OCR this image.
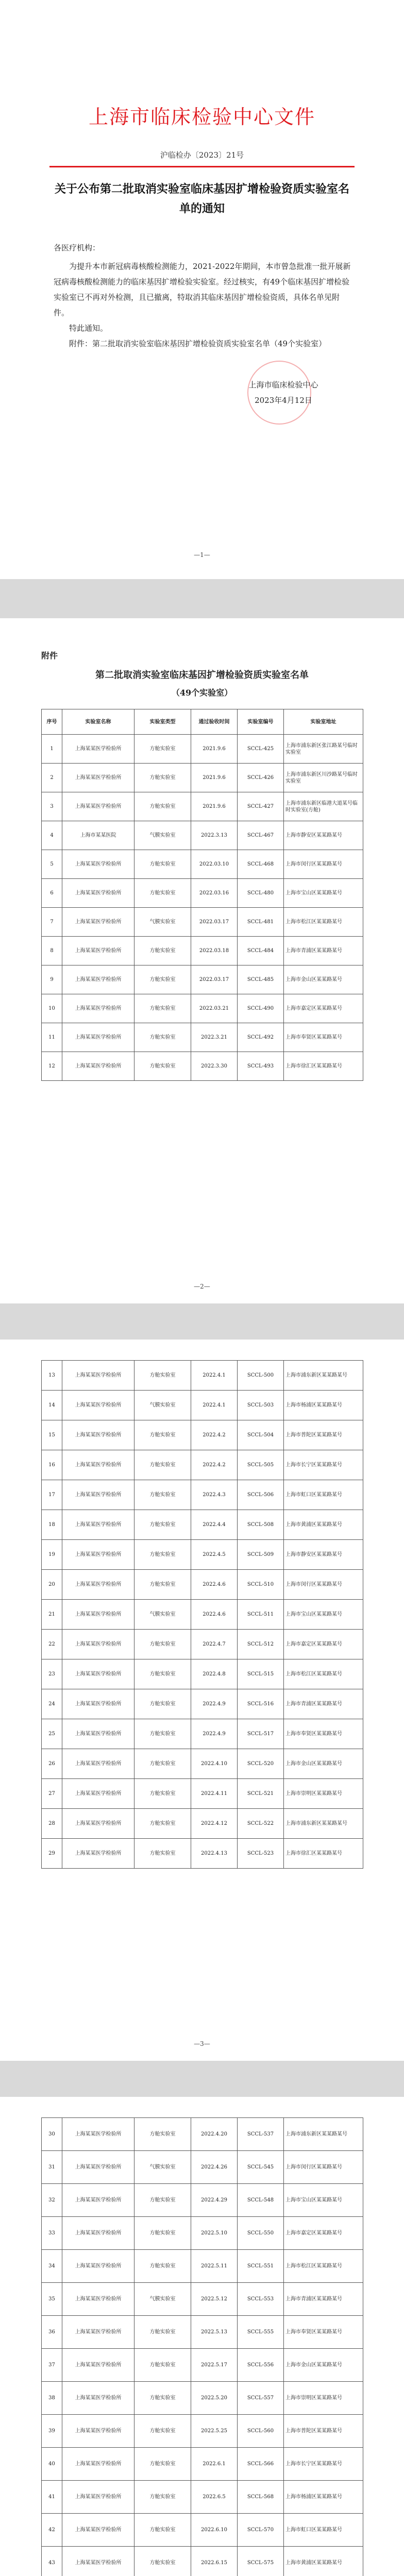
上海市临床检验中心文件
沪临检办〔2023〕21号
关于公布第二批取消实验室临床基因扩增检验资质实验室名单的通知
各医疗机构：

为提升本市新冠病毒核酸检测能力，2021-2022年期间，本市曾急批准一批开展新冠病毒核酸检测能力的临床基因扩增检验实验室。经过核实，有49个临床基因扩增检验实验室已不再对外检测，且已撤离，特取消其临床基因扩增检验资质，具体名单见附件。

特此通知。

附件：第二批取消实验室临床基因扩增检验资质实验室名单（49个实验室）

上海市临床检验中心
2023年4月12日
—1—
附件
第二批取消实验室临床基因扩增检验资质实验室名单
（49个实验室）
序号	实验室名称	实验室类型	通过验收时间	实验室编号	实验室地址
1	上海某某医学检验所	方舱实验室	2021.9.6	SCCL-425	上海市浦东新区张江路某号临时实验室
2	上海某某医学检验所	方舱实验室	2021.9.6	SCCL-426	上海市浦东新区川沙路某号临时实验室
3	上海某某医学检验所	方舱实验室	2021.9.6	SCCL-427	上海市浦东新区临港大道某号临时实验室(方舱)
4	上海市某某医院	气膜实验室	2022.3.13	SCCL-467	上海市静安区某某路某号
5	上海某某医学检验所	方舱实验室	2022.03.10	SCCL-468	上海市闵行区某某路某号
6	上海某某医学检验所	方舱实验室	2022.03.16	SCCL-480	上海市宝山区某某路某号
7	上海某某医学检验所	气膜实验室	2022.03.17	SCCL-481	上海市松江区某某路某号
8	上海某某医学检验所	方舱实验室	2022.03.18	SCCL-484	上海市青浦区某某路某号
9	上海某某医学检验所	方舱实验室	2022.03.17	SCCL-485	上海市金山区某某路某号
10	上海某某医学检验所	方舱实验室	2022.03.21	SCCL-490	上海市嘉定区某某路某号
11	上海某某医学检验所	方舱实验室	2022.3.21	SCCL-492	上海市奉贤区某某路某号
12	上海某某医学检验所	方舱实验室	2022.3.30	SCCL-493	上海市徐汇区某某路某号
—2—
13	上海某某医学检验所	方舱实验室	2022.4.1	SCCL-500	上海市浦东新区某某路某号
14	上海某某医学检验所	气膜实验室	2022.4.1	SCCL-503	上海市杨浦区某某路某号
15	上海某某医学检验所	方舱实验室	2022.4.2	SCCL-504	上海市普陀区某某路某号
16	上海某某医学检验所	方舱实验室	2022.4.2	SCCL-505	上海市长宁区某某路某号
17	上海某某医学检验所	方舱实验室	2022.4.3	SCCL-506	上海市虹口区某某路某号
18	上海某某医学检验所	方舱实验室	2022.4.4	SCCL-508	上海市黄浦区某某路某号
19	上海某某医学检验所	方舱实验室	2022.4.5	SCCL-509	上海市静安区某某路某号
20	上海某某医学检验所	方舱实验室	2022.4.6	SCCL-510	上海市闵行区某某路某号
21	上海某某医学检验所	气膜实验室	2022.4.6	SCCL-511	上海市宝山区某某路某号
22	上海某某医学检验所	方舱实验室	2022.4.7	SCCL-512	上海市嘉定区某某路某号
23	上海某某医学检验所	方舱实验室	2022.4.8	SCCL-515	上海市松江区某某路某号
24	上海某某医学检验所	方舱实验室	2022.4.9	SCCL-516	上海市青浦区某某路某号
25	上海某某医学检验所	方舱实验室	2022.4.9	SCCL-517	上海市奉贤区某某路某号
26	上海某某医学检验所	方舱实验室	2022.4.10	SCCL-520	上海市金山区某某路某号
27	上海某某医学检验所	方舱实验室	2022.4.11	SCCL-521	上海市崇明区某某路某号
28	上海某某医学检验所	方舱实验室	2022.4.12	SCCL-522	上海市浦东新区某某路某号
29	上海某某医学检验所	方舱实验室	2022.4.13	SCCL-523	上海市徐汇区某某路某号
—3—
30	上海某某医学检验所	方舱实验室	2022.4.20	SCCL-537	上海市浦东新区某某路某号
31	上海某某医学检验所	气膜实验室	2022.4.26	SCCL-545	上海市闵行区某某路某号
32	上海某某医学检验所	方舱实验室	2022.4.29	SCCL-548	上海市宝山区某某路某号
33	上海某某医学检验所	方舱实验室	2022.5.10	SCCL-550	上海市嘉定区某某路某号
34	上海某某医学检验所	方舱实验室	2022.5.11	SCCL-551	上海市松江区某某路某号
35	上海某某医学检验所	气膜实验室	2022.5.12	SCCL-553	上海市青浦区某某路某号
36	上海某某医学检验所	方舱实验室	2022.5.13	SCCL-555	上海市奉贤区某某路某号
37	上海某某医学检验所	方舱实验室	2022.5.17	SCCL-556	上海市金山区某某路某号
38	上海某某医学检验所	方舱实验室	2022.5.20	SCCL-557	上海市崇明区某某路某号
39	上海某某医学检验所	方舱实验室	2022.5.25	SCCL-560	上海市普陀区某某路某号
40	上海某某医学检验所	方舱实验室	2022.6.1	SCCL-566	上海市长宁区某某路某号
41	上海某某医学检验所	方舱实验室	2022.6.5	SCCL-568	上海市杨浦区某某路某号
42	上海某某医学检验所	方舱实验室	2022.6.10	SCCL-570	上海市虹口区某某路某号
43	上海某某医学检验所	方舱实验室	2022.6.15	SCCL-575	上海市黄浦区某某路某号
